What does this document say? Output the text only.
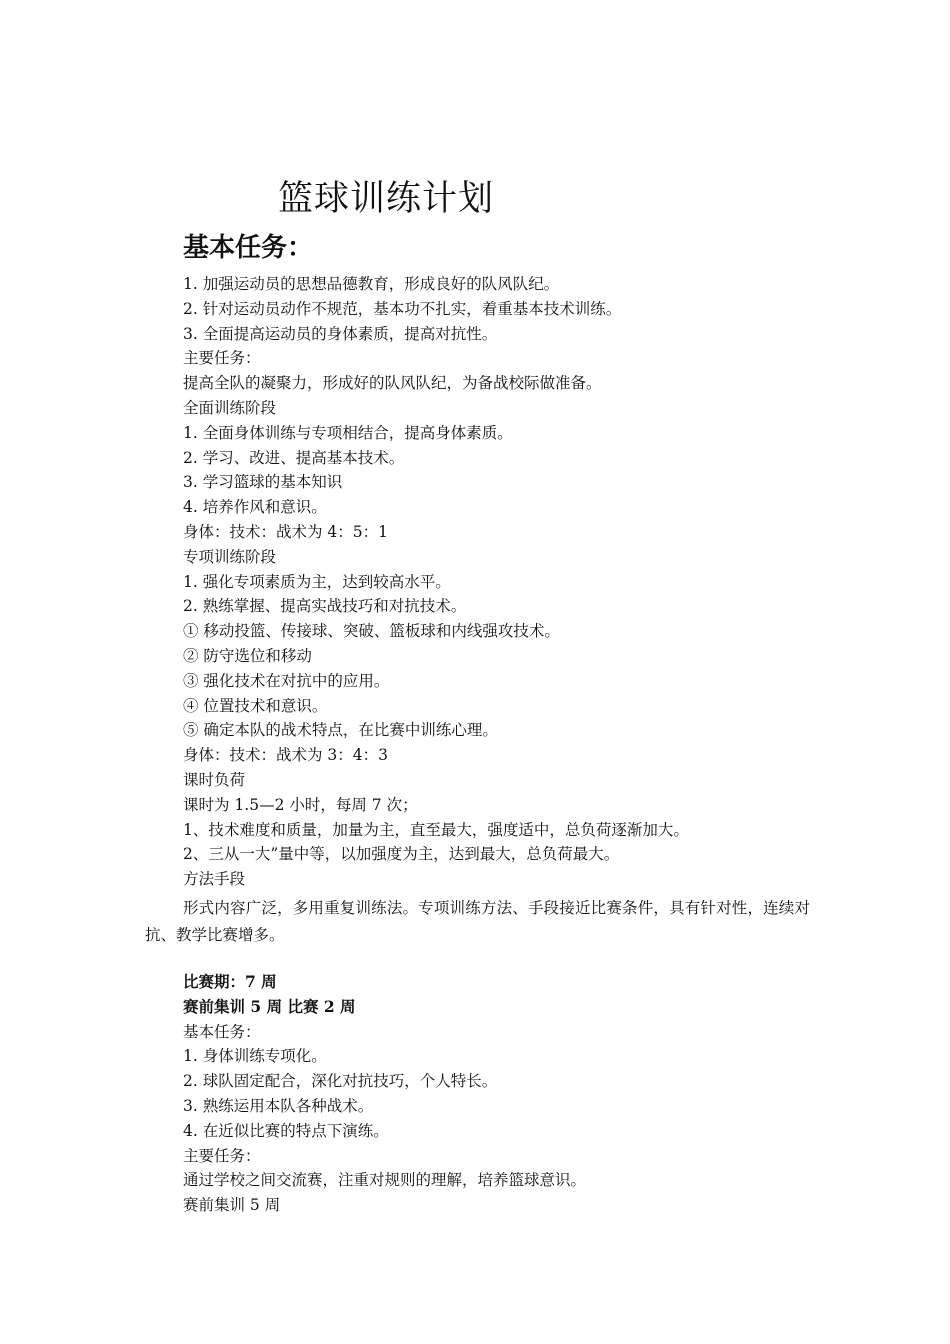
篮球训练计划
基本任务：
1. 加强运动员的思想品德教育，形成良好的队风队纪。
2. 针对运动员动作不规范，基本功不扎实，着重基本技术训练。
3. 全面提高运动员的身体素质，提高对抗性。
主要任务：
提高全队的凝聚力，形成好的队风队纪，为备战校际做准备。
全面训练阶段
1. 全面身体训练与专项相结合，提高身体素质。
2. 学习、改进、提高基本技术。
3. 学习篮球的基本知识
4. 培养作风和意识。
身体：技术：战术为 4：5：1
专项训练阶段
1. 强化专项素质为主，达到较高水平。
2. 熟练掌握、提高实战技巧和对抗技术。
① 移动投篮、传接球、突破、篮板球和内线强攻技术。
② 防守选位和移动
③ 强化技术在对抗中的应用。
④ 位置技术和意识。
⑤ 确定本队的战术特点，在比赛中训练心理。
身体：技术：战术为 3：4：3
课时负荷
课时为 1.5—2 小时，每周 7 次；
1、技术难度和质量，加量为主，直至最大，强度适中，总负荷逐渐加大。
2、三从一大”量中等，以加强度为主，达到最大，总负荷最大。
方法手段
形式内容广泛，多用重复训练法。专项训练方法、手段接近比赛条件，具有针对性，连续对抗、教学比赛增多。
比赛期：7 周
赛前集训 5 周 比赛 2 周
基本任务：
1. 身体训练专项化。
2. 球队固定配合，深化对抗技巧，个人特长。
3. 熟练运用本队各种战术。
4. 在近似比赛的特点下演练。
主要任务：
通过学校之间交流赛，注重对规则的理解，培养篮球意识。
赛前集训 5 周
